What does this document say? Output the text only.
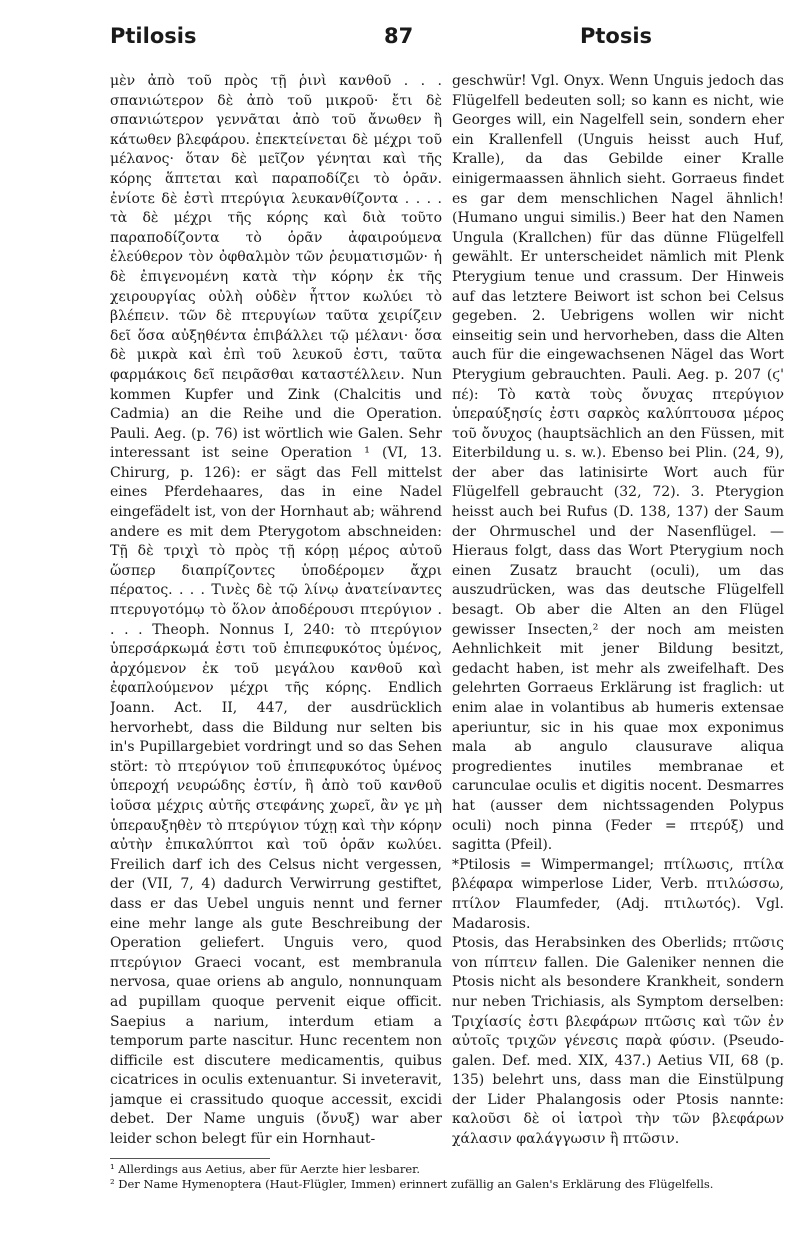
Ptilosis	87	Ptosis

μὲν ἀπὸ τοῦ πρὸς τῇ ῥινὶ κανθοῦ . . . σπανιώτερον δὲ ἀπὸ τοῦ μικροῦ· ἔτι δὲ σπανιώτερον γεννᾶται ἀπὸ τοῦ ἄνωθεν ἢ κάτωθεν βλεφάρου. ἐπεκτείνεται δὲ μέχρι τοῦ μέλανος· ὅταν δὲ μεῖζον γένηται καὶ τῆς κόρης ἅπτεται καὶ παραποδίζει τὸ ὁρᾶν. ἐνίοτε δὲ ἐστὶ πτερύγια λευκανθίζοντα . . . . τὰ δὲ μέχρι τῆς κόρης καὶ διὰ τοῦτο παραποδίζοντα τὸ ὁρᾶν ἀφαιρούμενα ἐλεύθερον τὸν ὀφθαλμὸν τῶν ῥευματισμῶν· ἡ δὲ ἐπιγενομένη κατὰ τὴν κόρην ἐκ τῆς χειρουργίας οὐλὴ οὐδὲν ἧττον κωλύει τὸ βλέπειν. τῶν δὲ πτερυγίων ταῦτα χειρίζειν δεῖ ὅσα αὐξηθέντα ἐπιβάλλει τῷ μέλανι· ὅσα δὲ μικρὰ καὶ ἐπὶ τοῦ λευκοῦ ἐστι, ταῦτα φαρμάκοις δεῖ πειρᾶσθαι καταστέλλειν. Nun kommen Kupfer und Zink (Chalcitis und Cadmia) an die Reihe und die Operation. Pauli. Aeg. (p. 76) ist wörtlich wie Galen. Sehr interessant ist seine Operation ¹ (VI, 13. Chirurg, p. 126): er sägt das Fell mittelst eines Pferdehaares, das in eine Nadel eingefädelt ist, von der Hornhaut ab; während andere es mit dem Pterygotom abschneiden: Τῇ δὲ τριχὶ τὸ πρὸς τῇ κόρῃ μέρος αὐτοῦ ὥσπερ διαπρίζοντες ὑποδέρομεν ἄχρι πέρατος. . . . Τινὲς δὲ τῷ λίνῳ ἀνατείναντες πτερυγοτόμῳ τὸ ὅλον ἀποδέρουσι πτερύγιον . . . . Theoph. Nonnus I, 240: τὸ πτερύγιον ὑπερσάρκωμά ἐστι τοῦ ἐπιπεφυκότος ὑμένος, ἀρχόμενον ἐκ τοῦ μεγάλου κανθοῦ καὶ ἐφαπλούμενον μέχρι τῆς κόρης. Endlich Joann. Act. II, 447, der ausdrücklich hervorhebt, dass die Bildung nur selten bis in's Pupillargebiet vordringt und so das Sehen stört: τὸ πτερύγιον τοῦ ἐπιπεφυκότος ὑμένος ὑπεροχή νευρώδης ἐστίν, ἢ ἀπὸ τοῦ κανθοῦ ἰοῦσα μέχρις αὐτῆς στεφάνης χωρεῖ, ἂν γε μὴ ὑπεραυξηθὲν τὸ πτερύγιον τύχῃ καὶ τὴν κόρην αὐτὴν ἐπικαλύπτοι καὶ τοῦ ὁρᾶν κωλύει. Freilich darf ich des Celsus nicht vergessen, der (VII, 7, 4) dadurch Verwirrung gestiftet, dass er das Uebel unguis nennt und ferner eine mehr lange als gute Beschreibung der Operation geliefert. Unguis vero, quod πτερύγιον Graeci vocant, est membranula nervosa, quae oriens ab angulo, nonnunquam ad pupillam quoque pervenit eique officit. Saepius a narium, interdum etiam a temporum parte nascitur. Hunc recentem non difficile est discutere medicamentis, quibus cicatrices in oculis extenuantur. Si inveteravit, jamque ei crassitudo quoque accessit, excidi debet. Der Name unguis (ὄνυξ) war aber leider schon belegt für ein Hornhaut-

geschwür! Vgl. Onyx. Wenn Unguis jedoch das Flügelfell bedeuten soll; so kann es nicht, wie Georges will, ein Nagelfell sein, sondern eher ein Krallenfell (Unguis heisst auch Huf, Kralle), da das Gebilde einer Kralle einigermaassen ähnlich sieht. Gorraeus findet es gar dem menschlichen Nagel ähnlich! (Humano ungui similis.) Beer hat den Namen Ungula (Krallchen) für das dünne Flügelfell gewählt. Er unterscheidet nämlich mit Plenk Pterygium tenue und crassum. Der Hinweis auf das letztere Beiwort ist schon bei Celsus gegeben. 2. Uebrigens wollen wir nicht einseitig sein und hervorheben, dass die Alten auch für die eingewachsenen Nägel das Wort Pterygium gebrauchten. Pauli. Aeg. p. 207 (ϛ' πέ): Τὸ κατὰ τοὺς ὄνυχας πτερύγιον ὑπεραύξησίς ἐστι σαρκὸς καλύπτουσα μέρος τοῦ ὄνυχος (hauptsächlich an den Füssen, mit Eiterbildung u. s. w.). Ebenso bei Plin. (24, 9), der aber das latinisirte Wort auch für Flügelfell gebraucht (32, 72). 3. Pterygion heisst auch bei Rufus (D. 138, 137) der Saum der Ohrmuschel und der Nasenflügel. — Hieraus folgt, dass das Wort Pterygium noch einen Zusatz braucht (oculi), um das auszudrücken, was das deutsche Flügelfell besagt. Ob aber die Alten an den Flügel gewisser Insecten,² der noch am meisten Aehnlichkeit mit jener Bildung besitzt, gedacht haben, ist mehr als zweifelhaft. Des gelehrten Gorraeus Erklärung ist fraglich: ut enim alae in volantibus ab humeris extensae aperiuntur, sic in his quae mox exponimus mala ab angulo clausurave aliqua progredientes inutiles membranae et carunculae oculis et digitis nocent. Desmarres hat (ausser dem nichtssagenden Polypus oculi) noch pinna (Feder = πτερύξ) und sagitta (Pfeil).

*Ptilosis = Wimpermangel; πτίλωσις, πτίλα βλέφαρα wimperlose Lider, Verb. πτιλώσσω, πτίλον Flaumfeder, (Adj. πτιλωτός). Vgl. Madarosis.

Ptosis, das Herabsinken des Oberlids; πτῶσις von πίπτειν fallen. Die Galeniker nennen die Ptosis nicht als besondere Krankheit, sondern nur neben Trichiasis, als Symptom derselben: Τριχίασίς ἐστι βλεφάρων πτῶσις καὶ τῶν ἐν αὐτοῖς τριχῶν γένεσις παρὰ φύσιν. (Pseudo-galen. Def. med. XIX, 437.) Aetius VII, 68 (p. 135) belehrt uns, dass man die Einstülpung der Lider Phalangosis oder Ptosis nannte: καλοῦσι δὲ οἱ ἰατροὶ τὴν τῶν βλεφάρων χάλασιν φαλάγγωσιν ἢ πτῶσιν.

¹ Allerdings aus Aetius, aber für Aerzte hier lesbarer.

² Der Name Hymenoptera (Haut-Flügler, Immen) erinnert zufällig an Galen's Erklärung des Flügelfells.
